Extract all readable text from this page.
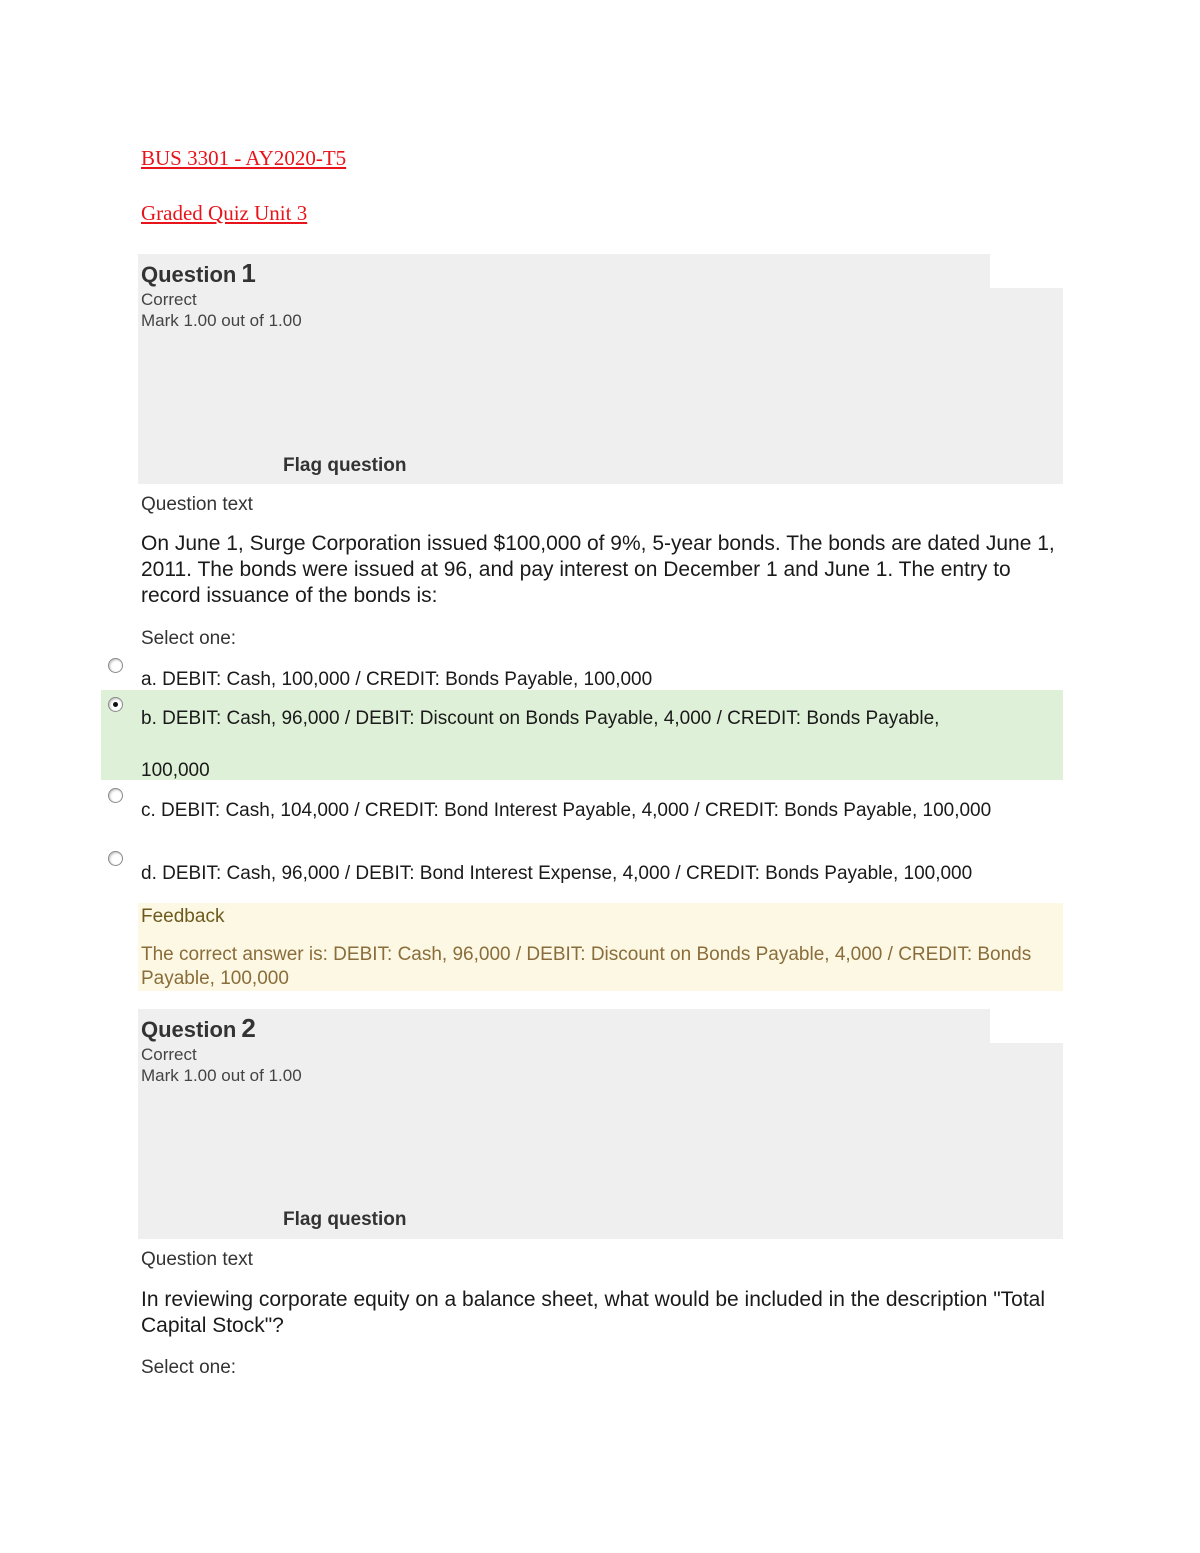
BUS 3301 - AY2020-T5
Graded Quiz Unit 3
Question 1
Correct
Mark 1.00 out of 1.00
Flag question
Question text
On June 1, Surge Corporation issued $100,000 of 9%, 5-year bonds. The bonds are dated June 1, 2011. The bonds were issued at 96, and pay interest on December 1 and June 1. The entry to record issuance of the bonds is:
Select one:
a. DEBIT: Cash, 100,000 / CREDIT: Bonds Payable, 100,000
b. DEBIT: Cash, 96,000 / DEBIT: Discount on Bonds Payable, 4,000 / CREDIT: Bonds Payable,
100,000
c. DEBIT: Cash, 104,000 / CREDIT: Bond Interest Payable, 4,000 / CREDIT: Bonds Payable, 100,000
d. DEBIT: Cash, 96,000 / DEBIT: Bond Interest Expense, 4,000 / CREDIT: Bonds Payable, 100,000
Feedback
The correct answer is: DEBIT: Cash, 96,000 / DEBIT: Discount on Bonds Payable, 4,000 / CREDIT: Bonds Payable, 100,000
Question 2
Correct
Mark 1.00 out of 1.00
Flag question
Question text
In reviewing corporate equity on a balance sheet, what would be included in the description "Total Capital Stock"?
Select one:
